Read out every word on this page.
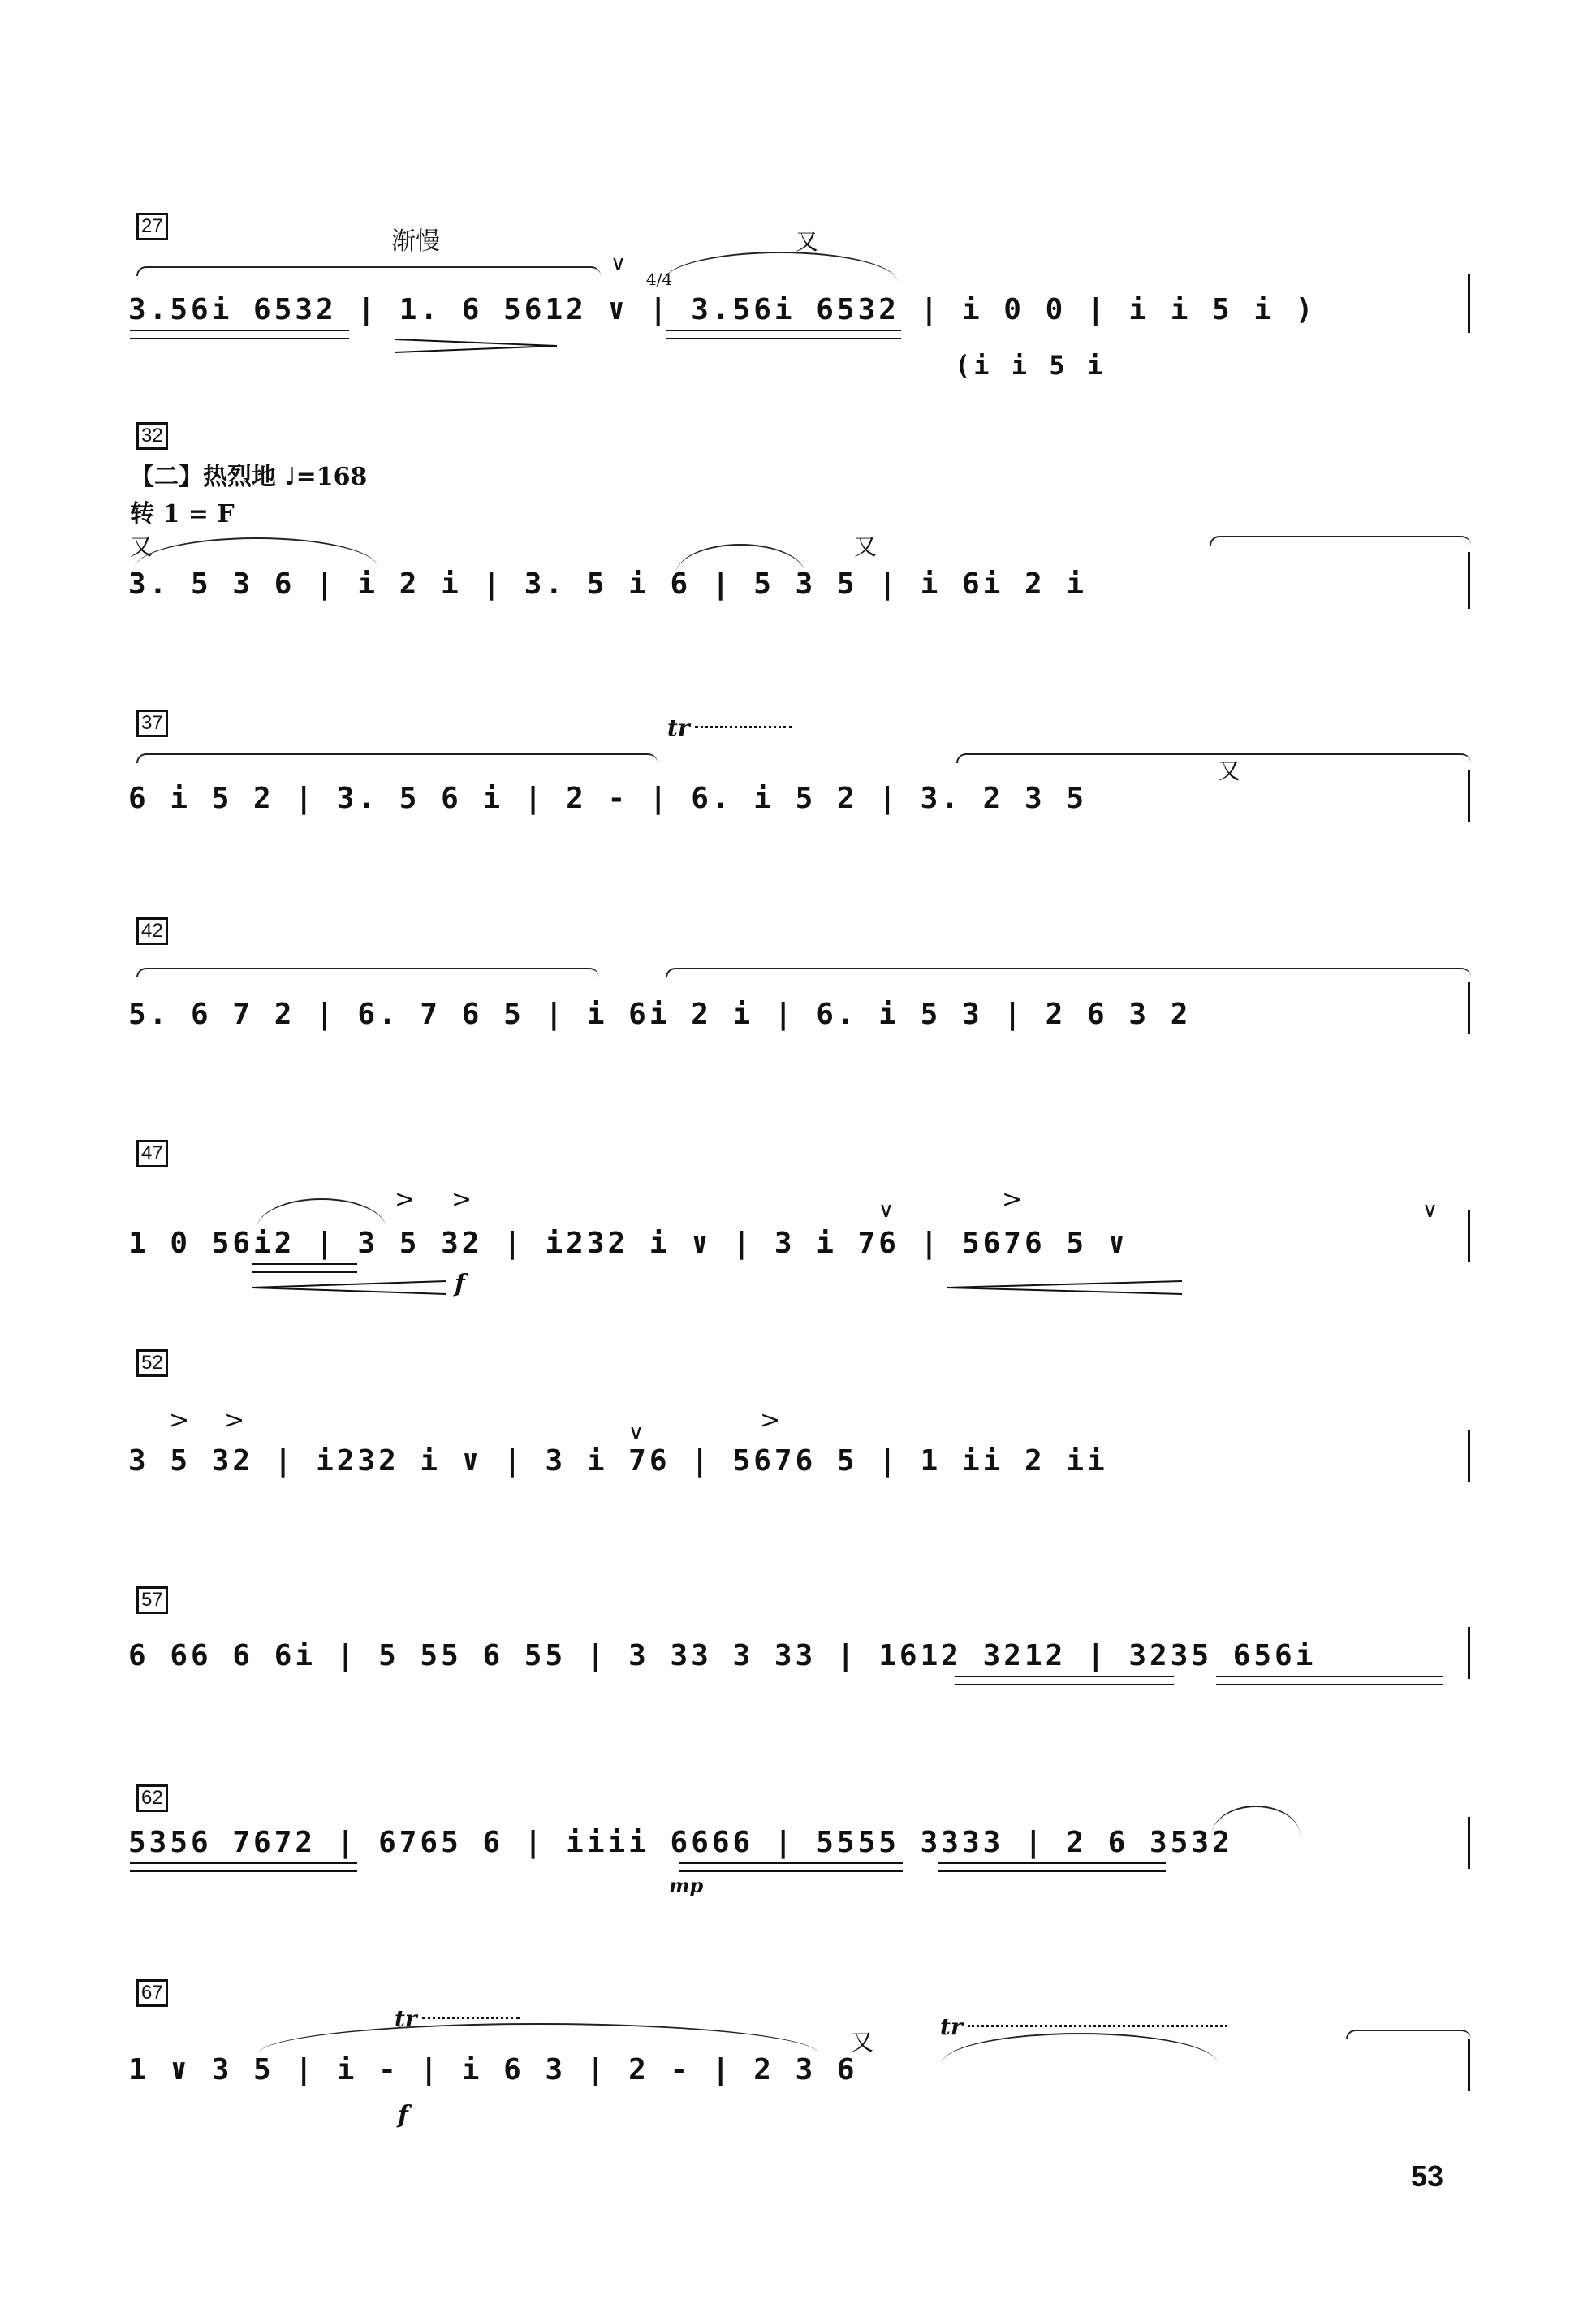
27
渐慢	又
4/4
∨
3.56i 6532 | 1. 6 5612 ∨ | 3.56i 6532 | i 0 0 | i i 5 i )
(i i 5 i
32
【二】热烈地 ♩=168
转 1 = F
又	又
3. 5 3 6 | i 2 i | 3. 5 i 6 | 5 3 5 | i 6i 2 i
37	tr
又
6 i 5 2 | 3. 5 6 i | 2 - | 6. i 5 2 | 3. 2 3 5
42
5. 6 7 2 | 6. 7 6 5 | i 6i 2 i | 6. i 5 3 | 2 6 3 2
47
> >	>
∨	∨
1 0 56i2 | 3 5 32 | i232 i ∨ | 3 i 76 | 5676 5 ∨
f
52
> >	>
∨
3 5 32 | i232 i ∨ | 3 i 76 | 5676 5 | 1 ii 2 ii
57
6 66 6 6i | 5 55 6 55 | 3 33 3 33 | 1612 3212 | 3235 656i
62
5356 7672 | 6765 6 | iiii 6666 | 5555 3333 | 2 6 3532
mp
67
tr	tr
又
1 ∨ 3 5 | i - | i 6 3 | 2 - | 2 3 6
f
53
